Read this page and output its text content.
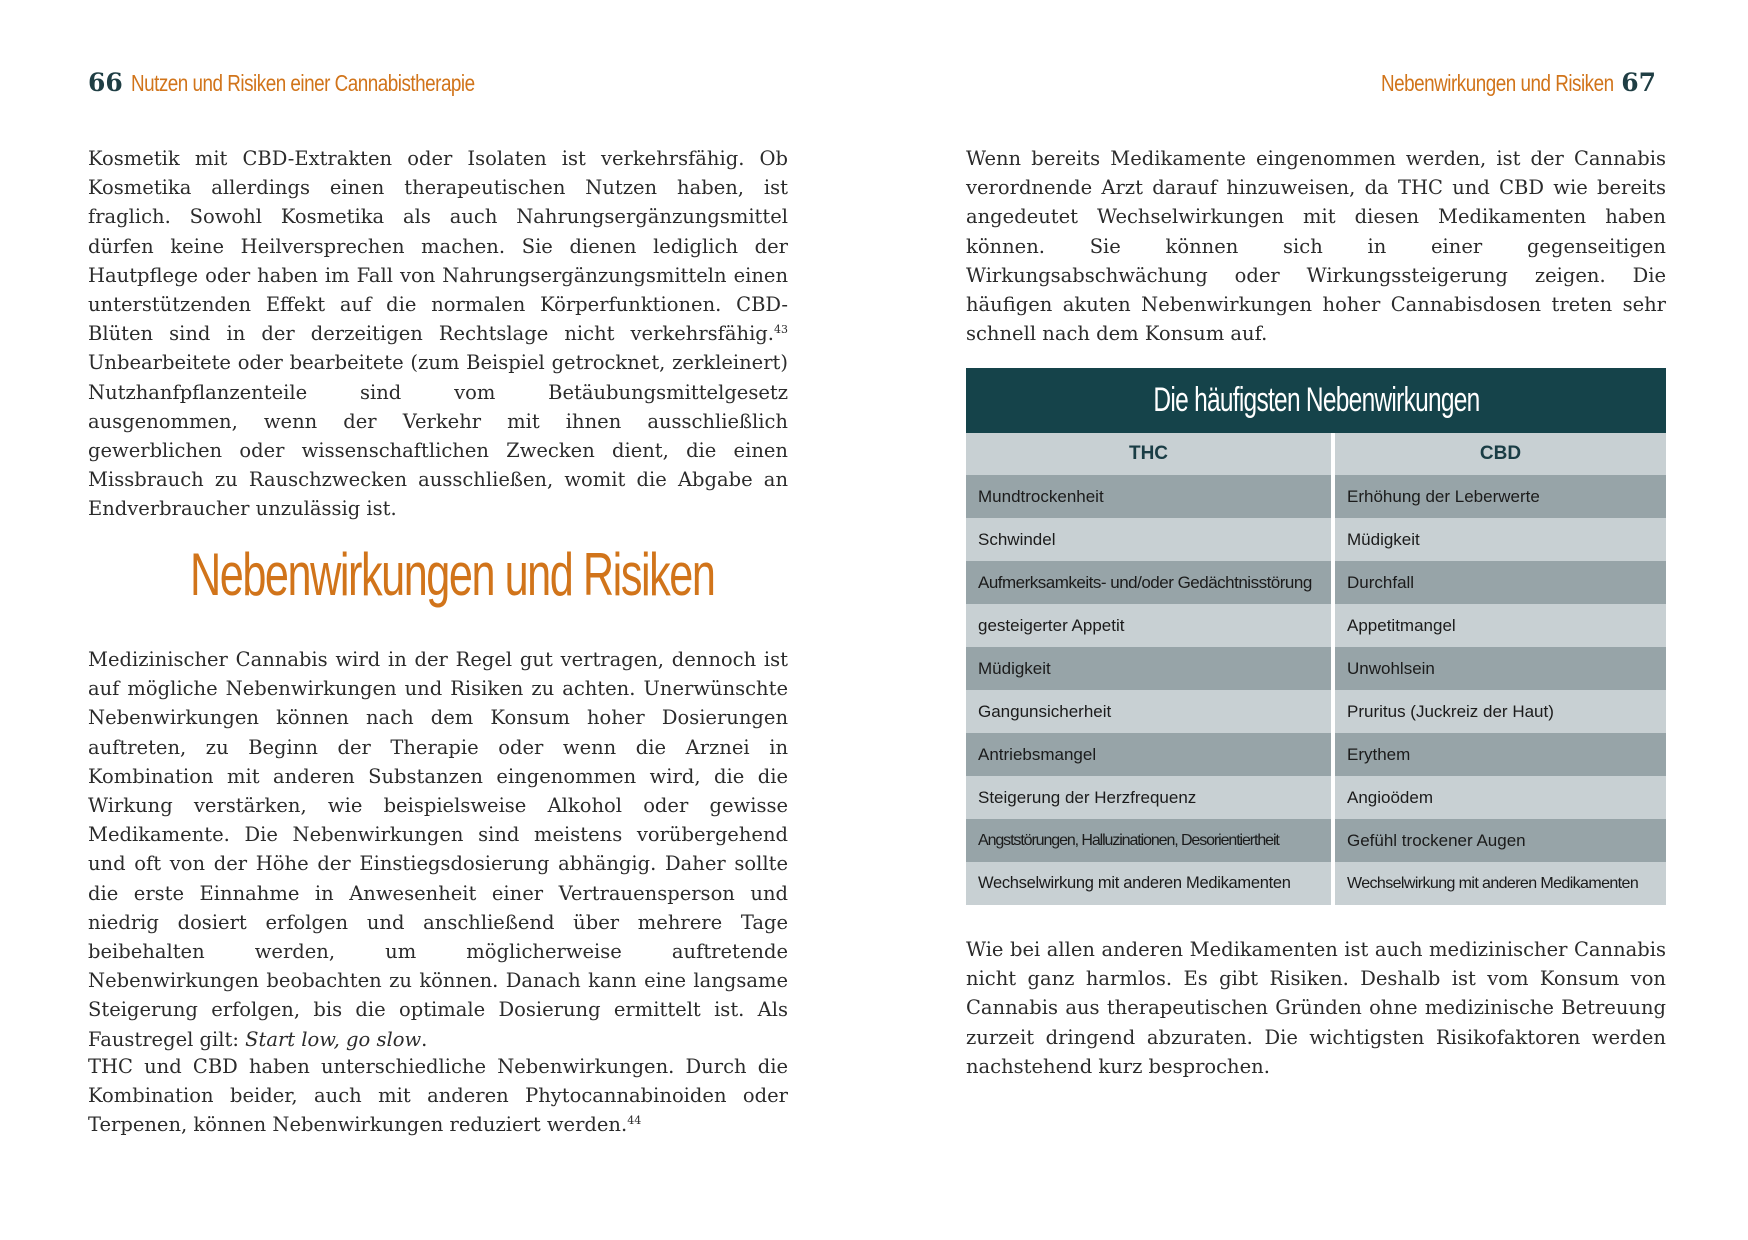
66 Nutzen und Risiken einer Cannabistherapie
Kosmetik mit CBD-Extrakten oder Isolaten ist verkehrsfähig. Ob Kosmetika allerdings einen therapeutischen Nutzen haben, ist fraglich. Sowohl Kosmetika als auch Nahrungsergänzungsmittel dürfen keine Heilversprechen machen. Sie dienen lediglich der Hautpflege oder haben im Fall von Nahrungsergänzungsmitteln einen unterstützenden Effekt auf die normalen Körperfunktionen. CBD-Blüten sind in der derzeitigen Rechtslage nicht verkehrsfähig.$^{43}$ Unbearbeitete oder bearbeitete (zum Beispiel getrocknet, zerkleinert) Nutzhanfpflanzenteile sind vom Betäubungsmittelgesetz ausgenommen, wenn der Verkehr mit ihnen ausschließlich gewerblichen oder wissenschaftlichen Zwecken dient, die einen Missbrauch zu Rauschzwecken ausschließen, womit die Abgabe an Endverbraucher unzulässig ist.
Nebenwirkungen und Risiken
Medizinischer Cannabis wird in der Regel gut vertragen, dennoch ist auf mögliche Nebenwirkungen und Risiken zu achten. Unerwünschte Nebenwirkungen können nach dem Konsum hoher Dosierungen auftreten, zu Beginn der Therapie oder wenn die Arznei in Kombination mit anderen Substanzen eingenommen wird, die die Wirkung verstärken, wie beispielsweise Alkohol oder gewisse Medikamente. Die Nebenwirkungen sind meistens vorübergehend und oft von der Höhe der Einstiegsdosierung abhängig. Daher sollte die erste Einnahme in Anwesenheit einer Vertrauensperson und niedrig dosiert erfolgen und anschließend über mehrere Tage beibehalten werden, um möglicherweise auftretende Nebenwirkungen beobachten zu können. Danach kann eine langsame Steigerung erfolgen, bis die optimale Dosierung ermittelt ist. Als Faustregel gilt: Start low, go slow.
THC und CBD haben unterschiedliche Nebenwirkungen. Durch die Kombination beider, auch mit anderen Phytocannabinoiden oder Terpenen, können Nebenwirkungen reduziert werden.$^{44}$
Nebenwirkungen und Risiken 67
Wenn bereits Medikamente eingenommen werden, ist der Cannabis verordnende Arzt darauf hinzuweisen, da THC und CBD wie bereits angedeutet Wechselwirkungen mit diesen Medikamenten haben können. Sie können sich in einer gegenseitigen Wirkungsabschwächung oder Wirkungssteigerung zeigen. Die häufigen akuten Nebenwirkungen hoher Cannabisdosen treten sehr schnell nach dem Konsum auf.
Die häufigsten Nebenwirkungen
THC	CBD
Mundtrockenheit	Erhöhung der Leberwerte
Schwindel	Müdigkeit
Aufmerksamkeits- und/oder Gedächtnisstörung	Durchfall
gesteigerter Appetit	Appetitmangel
Müdigkeit	Unwohlsein
Gangunsicherheit	Pruritus (Juckreiz der Haut)
Antriebsmangel	Erythem
Steigerung der Herzfrequenz	Angioödem
Angststörungen, Halluzinationen, Desorientiertheit	Gefühl trockener Augen
Wechselwirkung mit anderen Medikamenten	Wechselwirkung mit anderen Medikamenten
Wie bei allen anderen Medikamenten ist auch medizinischer Cannabis nicht ganz harmlos. Es gibt Risiken. Deshalb ist vom Konsum von Cannabis aus therapeutischen Gründen ohne medizinische Betreuung zurzeit dringend abzuraten. Die wichtigsten Risikofaktoren werden nachstehend kurz besprochen.
